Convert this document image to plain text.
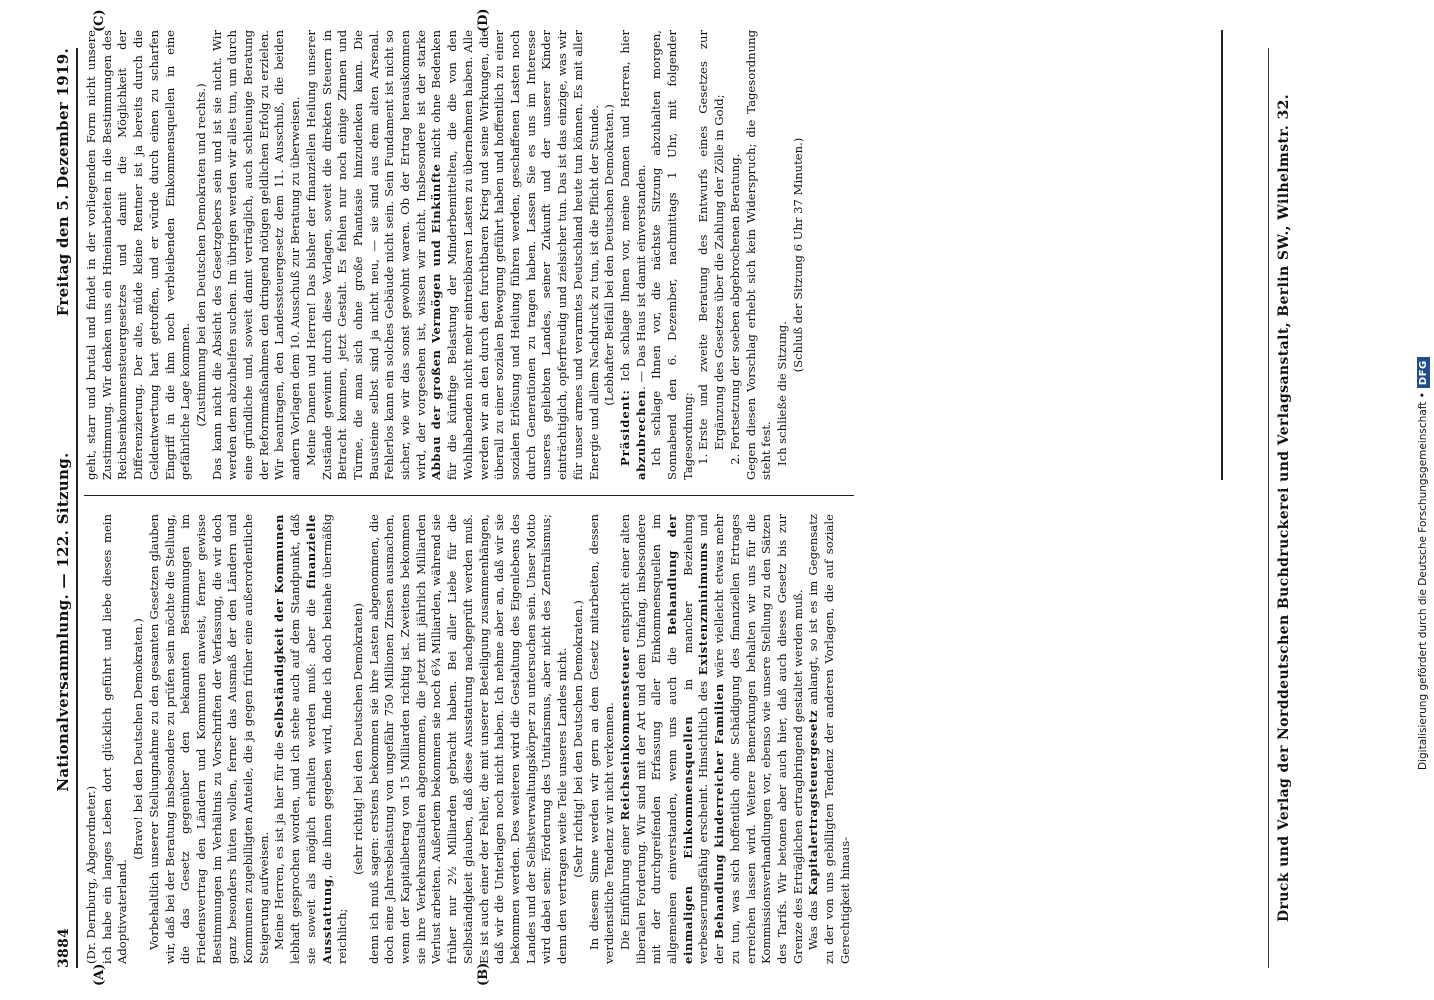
3884
Nationalversammlung. — 122. Sitzung.
Freitag den 5. Dezember 1919.
(A)	(B)
(C)	(D)

(Dr. Dernburg, Abgeordneter.) ich habe ein langes Leben dort glücklich geführt und liebe dieses mein Adoptivvaterland.

(Bravo! bei den Deutschen Demokraten.) Vorbehaltlich unserer Stellungnahme zu den gesamten Gesetzen glauben wir, daß bei der Beratung insbesondere zu prüfen sein möchte die Stellung, die das Gesetz gegenüber den bekannten Bestimmungen im Friedensvertrag den Ländern und Kommunen anweist, ferner gewisse Bestimmungen im Verhältnis zu Vorschriften der Verfassung, die wir doch ganz besonders hüten wollen, ferner das Ausmaß der den Ländern und Kommunen zugebilligten Anteile, die ja gegen früher eine außerordentliche Steigerung aufweisen. Meine Herren, es ist ja hier für die Selbständigkeit der Kommunen lebhaft gesprochen worden, und ich stehe auch auf dem Standpunkt, daß sie soweit als möglich erhalten werden muß: aber die finanzielle Ausstattung, die ihnen gegeben wird, finde ich doch beinahe übermäßig reichlich;

(sehr richtig! bei den Deutschen Demokraten) denn ich muß sagen: erstens bekommen sie ihre Lasten abgenommen, die doch eine Jahresbelastung von ungefähr 750 Millionen Zinsen ausmachen, wenn der Kapitalbetrag von 15 Milliarden richtig ist. Zweitens bekommen sie ihre Verkehrsanstalten abgenommen, die jetzt mit jährlich Milliarden Verlust arbeiten. Außerdem bekommen sie noch 6¾ Milliarden, während sie früher nur 2½ Milliarden gebracht haben. Bei aller Liebe für die Selbständigkeit glauben, daß diese Ausstattung nachgeprüft werden muß. Es ist auch einer der Fehler, die mit unserer Beteiligung zusammenhängen, daß wir die Unterlagen noch nicht haben. Ich nehme aber an, daß wir sie bekommen werden. Des weiteren wird die Gestaltung des Eigenlebens des Landes und der Selbstverwaltungskörper zu untersuchen sein. Unser Motto wird dabei sein: Förderung des Unitarismus, aber nicht des Zentralismus; denn den vertragen weite Teile unseres Landes nicht. (Sehr richtig! bei den Deutschen Demokraten.) In diesem Sinne werden wir gern an dem Gesetz mitarbeiten, dessen verdienstliche Tendenz wir nicht verkennen. Die Einführung einer Reichseinkommensteuer entspricht einer alten liberalen Forderung. Wir sind mit der Art und dem Umfang, insbesondere mit der durchgreifenden Erfassung aller Einkommensquellen im allgemeinen einverstanden, wenn uns auch die Behandlung der einmaligen Einkommensquellen in mancher Beziehung verbesserungsfähig erscheint. Hinsichtlich des Existenzminimums und der Behandlung kinderreicher Familien wäre vielleicht etwas mehr zu tun, was sich hoffentlich ohne Schädigung des finanziellen Ertrages erreichen lassen wird. Weitere Bemerkungen behalten wir uns für die Kommissionsverhandlungen vor, ebenso wie unsere Stellung zu den Sätzen des Tarifs. Wir betonen aber auch hier, daß auch dieses Gesetz bis zur Grenze des Erträglichen ertragbringend gestaltet werden muß. Was das Kapitalertragsteuergesetz anlangt, so ist es im Gegensatz zu der von uns gebilligten Tendenz der anderen Vorlagen, die auf soziale Gerechtigkeit hinaus-

geht, starr und brutal und findet in der vorliegenden Form nicht unsere Zustimmung. Wir denken uns ein Hineinarbeiten in die Bestimmungen des Reichseinkommensteuergesetzes und damit die Möglichkeit der Differenzierung. Der alte, müde kleine Rentner ist ja bereits durch die Geldentwertung hart getroffen, und er würde durch einen zu scharfen Eingriff in die ihm noch verbleibenden Einkommensquellen in eine gefährliche Lage kommen. (Zustimmung bei den Deutschen Demokraten und rechts.) Das kann nicht die Absicht des Gesetzgebers sein und ist sie nicht. Wir werden dem abzuhelfen suchen. Im übrigen werden wir alles tun, um durch eine gründliche und, soweit damit verträglich, auch schleunige Beratung der Reformmaßnahmen den dringend nötigen geldlichen Erfolg zu erzielen. Wir beantragen, den Landessteuergesetz dem 11. Ausschuß, die beiden andern Vorlagen dem 10. Ausschuß zur Beratung zu überweisen. Meine Damen und Herren! Das bisher der finanziellen Heilung unserer Zustände gewinnt durch diese Vorlagen, soweit die direkten Steuern in Betracht kommen, jetzt Gestalt. Es fehlen nur noch einige Zinnen und Türme, die man sich ohne große Phantasie hinzudenken kann. Die Bausteine selbst sind ja nicht neu, — sie sind aus dem alten Arsenal. Fehlerlos kann ein solches Gebäude nicht sein. Sein Fundament ist nicht so sicher, wie wir das sonst gewohnt waren. Ob der Ertrag herauskommen wird, der vorgesehen ist, wissen wir nicht. Insbesondere ist der starke Abbau der großen Vermögen und Einkünfte nicht ohne Bedenken für die künftige Belastung der Minderbemittelten, die die von den Wohlhabenden nicht mehr eintreibbaren Lasten zu übernehmen haben. Alle werden wir an den durch den furchtbaren Krieg und seine Wirkungen, die überall zu einer sozialen Bewegung geführt haben und hoffentlich zu einer sozialen Erlösung und Heilung führen werden, geschaffenen Lasten noch durch Generationen zu tragen haben. Lassen Sie es uns im Interesse unseres geliebten Landes, seiner Zukunft und der unserer Kinder einträchtiglich, opferfreudig und zielsicher tun. Das ist das einzige, was wir für unser armes und verarmtes Deutschland heute tun können. Es mit aller Energie und allem Nachdruck zu tun, ist die Pflicht der Stunde. (Lebhafter Beifall bei den Deutschen Demokraten.)

Präsident: Ich schlage Ihnen vor, meine Damen und Herren, hier abzubrechen. — Das Haus ist damit einverstanden. Ich schlage Ihnen vor, die nächste Sitzung abzuhalten morgen, Sonnabend den 6. Dezember, nachmittags 1 Uhr, mit folgender Tagesordnung: 1. Erste und zweite Beratung des Entwurfs eines Gesetzes zur Ergänzung des Gesetzes über die Zahlung der Zölle in Gold; 2. Fortsetzung der soeben abgebrochenen Beratung. Gegen diesen Vorschlag erhebt sich kein Widerspruch; die Tagesordnung steht fest. Ich schließe die Sitzung.

(Schluß der Sitzung 6 Uhr 37 Minuten.)	Druck und Verlag der Norddeutschen Buchdruckerei und Verlagsanstalt, Berlin SW., Wilhelmstr. 32.	Digitalisierung gefördert durch die Deutsche Forschungsgemeinschaft •
DFG
